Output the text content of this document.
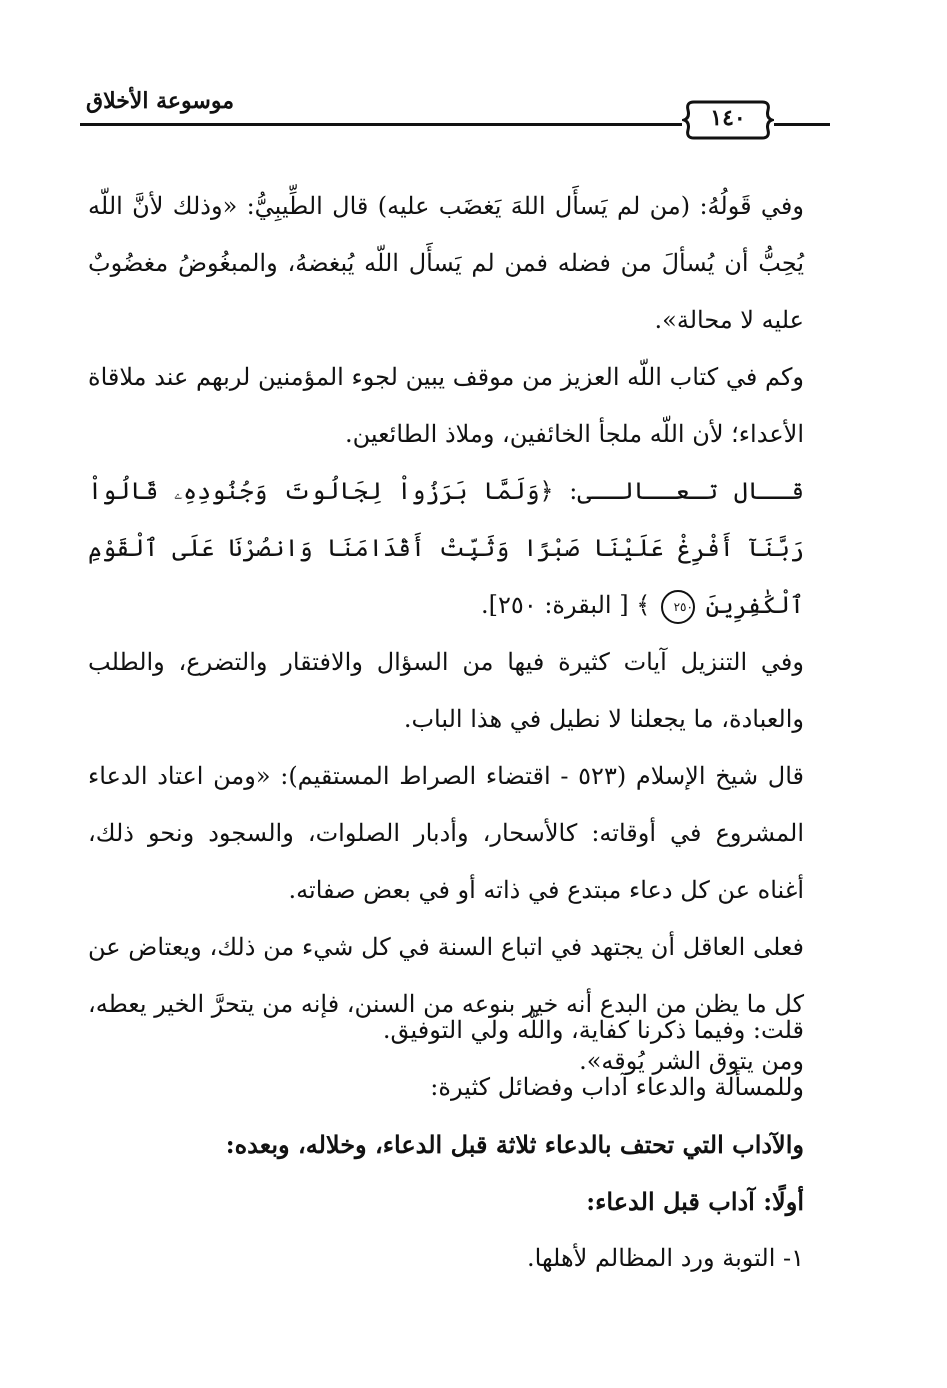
موسوعة الأخلاق
١٤٠

وفي قَولُهُ: (من لم يَسأَل اللهَ يَغضَب عليه) قال الطِّيبِيُّ: «وذلك لأنَّ اللّه يُحِبُّ أن يُسألَ من فضله فمن لم يَسأَل اللّه يُبغضهُ، والمبغُوضُ مغضُوبٌ عليه لا محالة».

وكم في كتاب اللّه العزيز من موقف يبين لجوء المؤمنين لربهم عند ملاقاة الأعداء؛ لأن اللّه ملجأ الخائفين، وملاذ الطائعين.

قــال تـعــالــى: ﴿وَلَمَّا بَرَزُواْ لِجَالُوتَ وَجُنُودِهِۦ قَالُواْ رَبَّنَآ أَفْرِغْ عَلَيْنَا صَبْرًا وَثَبِّتْ أَقْدَامَنَا وَانصُرْنَا عَلَى ٱلْقَوْمِ ٱلْكَٰفِرِينَ ٢٥٠ ﴾ [ البقرة: ٢٥٠].

وفي التنزيل آيات كثيرة فيها من السؤال والافتقار والتضرع، والطلب والعبادة، ما يجعلنا لا نطيل في هذا الباب.

قال شيخ الإسلام (٥٢٣ - اقتضاء الصراط المستقيم): «ومن اعتاد الدعاء المشروع في أوقاته: كالأسحار، وأدبار الصلوات، والسجود ونحو ذلك، أغناه عن كل دعاء مبتدع في ذاته أو في بعض صفاته.

فعلى العاقل أن يجتهد في اتباع السنة في كل شيء من ذلك، ويعتاض عن كل ما يظن من البدع أنه خير بنوعه من السنن، فإنه من يتحرَّ الخير يعطه، ومن يتوق الشر يُوقه».

قلت: وفيما ذكرنا كفاية، واللّه ولي التوفيق.
وللمسألة والدعاء آداب وفضائل كثيرة:
والآداب التي تحتف بالدعاء ثلاثة قبل الدعاء، وخلاله، وبعده:
أولًا: آداب قبل الدعاء:
١- التوبة ورد المظالم لأهلها.
